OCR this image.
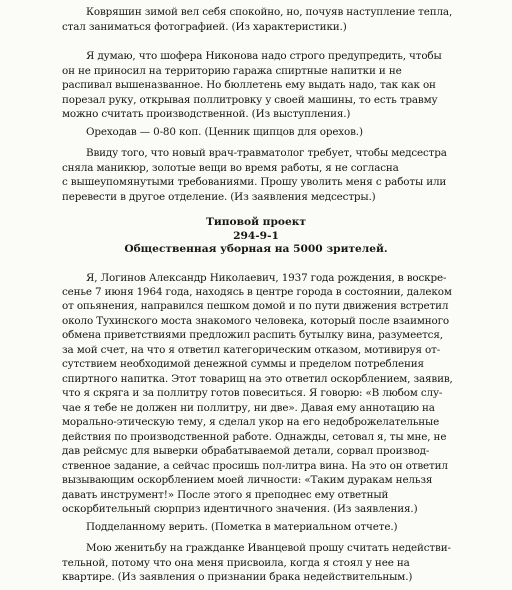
Ковряшин зимой вел себя спокойно, но, почуяв наступление тепла,

стал заниматься фотографией. (Из характеристики.)

Я думаю, что шофера Никонова надо строго предупредить, чтобы

он не приносил на территорию гаража спиртные напитки и не

распивал вышеназванное. Но бюллетень ему выдать надо, так как он

порезал руку, открывая поллитровку у своей машины, то есть травму

можно считать производственной. (Из выступления.)

Ореходав — 0-80 коп. (Ценник щипцов для орехов.)

Ввиду того, что новый врач-травматолог требует, чтобы медсестра

сняла маникюр, золотые вещи во время работы, я не согласна

с вышеупомянутыми требованиями. Прошу уволить меня с работы или

перевести в другое отделение. (Из заявления медсестры.)

Типовой проект

294-9-1

Общественная уборная на 5000 зрителей.

Я, Логинов Александр Николаевич, 1937 года рождения, в воскре-

сенье 7 июня 1964 года, находясь в центре города в состоянии, далеком

от опьянения, направился пешком домой и по пути движения встретил

около Тухинского моста знакомого человека, который после взаимного

обмена приветствиями предложил распить бутылку вина, разумеется,

за мой счет, на что я ответил категорическим отказом, мотивируя от-

сутствием необходимой денежной суммы и пределом потребления

спиртного напитка. Этот товарищ на это ответил оскорблением, заявив,

что я скряга и за поллитру готов повеситься. Я говорю: «В любом слу-

чае я тебе не должен ни поллитру, ни две». Давая ему аннотацию на

морально-этическую тему, я сделал укор на его недоброжелательные

действия по производственной работе. Однажды, сетовал я, ты мне, не

дав рейсмус для выверки обрабатываемой детали, сорвал производ-

ственное задание, а сейчас просишь пол-литра вина. На это он ответил

вызывающим оскорблением моей личности: «Таким дуракам нельзя

давать инструмент!» После этого я преподнес ему ответный

оскорбительный сюрприз идентичного значения. (Из заявления.)

Подделанному верить. (Пометка в материальном отчете.)

Мою женитьбу на гражданке Иванцевой прошу считать недействи-

тельной, потому что она меня присвоила, когда я стоял у нее на

квартире. (Из заявления о признании брака недействительным.)
